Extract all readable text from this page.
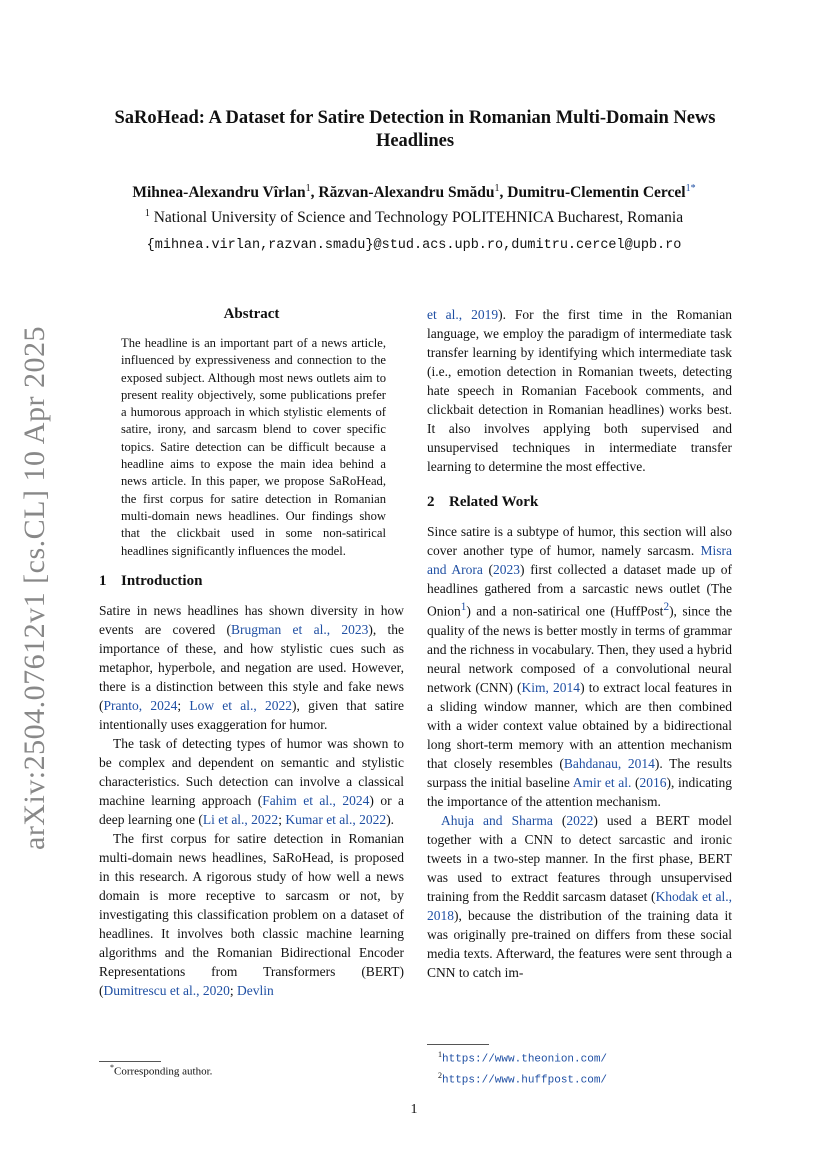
arXiv:2504.07612v1 [cs.CL] 10 Apr 2025
SaRoHead: A Dataset for Satire Detection in Romanian Multi-Domain News Headlines
Mihnea-Alexandru Vîrlan$^1$, Răzvan-Alexandru Smădu$^1$, Dumitru-Clementin Cercel$^{1*}$
$^1$ National University of Science and Technology POLITEHNICA Bucharest, Romania
{mihnea.virlan,razvan.smadu}@stud.acs.upb.ro,dumitru.cercel@upb.ro
Abstract

The headline is an important part of a news article, influenced by expressiveness and connection to the exposed subject. Although most news outlets aim to present reality objectively, some publications prefer a humorous approach in which stylistic elements of satire, irony, and sarcasm blend to cover specific topics. Satire detection can be difficult because a headline aims to expose the main idea behind a news article. In this paper, we propose SaRoHead, the first corpus for satire detection in Romanian multi-domain news headlines. Our findings show that the clickbait used in some non-satirical headlines significantly influences the model.

1 Introduction

Satire in news headlines has shown diversity in how events are covered (Brugman et al., 2023), the importance of these, and how stylistic cues such as metaphor, hyperbole, and negation are used. However, there is a distinction between this style and fake news (Pranto, 2024; Low et al., 2022), given that satire intentionally uses exaggeration for humor.

The task of detecting types of humor was shown to be complex and dependent on semantic and stylistic characteristics. Such detection can involve a classical machine learning approach (Fahim et al., 2024) or a deep learning one (Li et al., 2022; Kumar et al., 2022).

The first corpus for satire detection in Romanian multi-domain news headlines, SaRoHead, is proposed in this research. A rigorous study of how well a news domain is more receptive to sarcasm or not, by investigating this classification problem on a dataset of headlines. It involves both classic machine learning algorithms and the Romanian Bidirectional Encoder Representations from Transformers (BERT) (Dumitrescu et al., 2020; Devlin

et al., 2019). For the first time in the Romanian language, we employ the paradigm of intermediate task transfer learning by identifying which intermediate task (i.e., emotion detection in Romanian tweets, detecting hate speech in Romanian Facebook comments, and clickbait detection in Romanian headlines) works best. It also involves applying both supervised and unsupervised techniques in intermediate transfer learning to determine the most effective.

2 Related Work

Since satire is a subtype of humor, this section will also cover another type of humor, namely sarcasm. Misra and Arora (2023) first collected a dataset made up of headlines gathered from a sarcastic news outlet (The Onion$^1$) and a non-satirical one (HuffPost$^2$), since the quality of the news is better mostly in terms of grammar and the richness in vocabulary. Then, they used a hybrid neural network composed of a convolutional neural network (CNN) (Kim, 2014) to extract local features in a sliding window manner, which are then combined with a wider context value obtained by a bidirectional long short-term memory with an attention mechanism that closely resembles (Bahdanau, 2014). The results surpass the initial baseline Amir et al. (2016), indicating the importance of the attention mechanism.

Ahuja and Sharma (2022) used a BERT model together with a CNN to detect sarcastic and ironic tweets in a two-step manner. In the first phase, BERT was used to extract features through unsupervised training from the Reddit sarcasm dataset (Khodak et al., 2018), because the distribution of the training data it was originally pre-trained on differs from these social media texts. Afterward, the features were sent through a CNN to catch im-

*Corresponding author.
$^1$https://www.theonion.com/
$^2$https://www.huffpost.com/
1
